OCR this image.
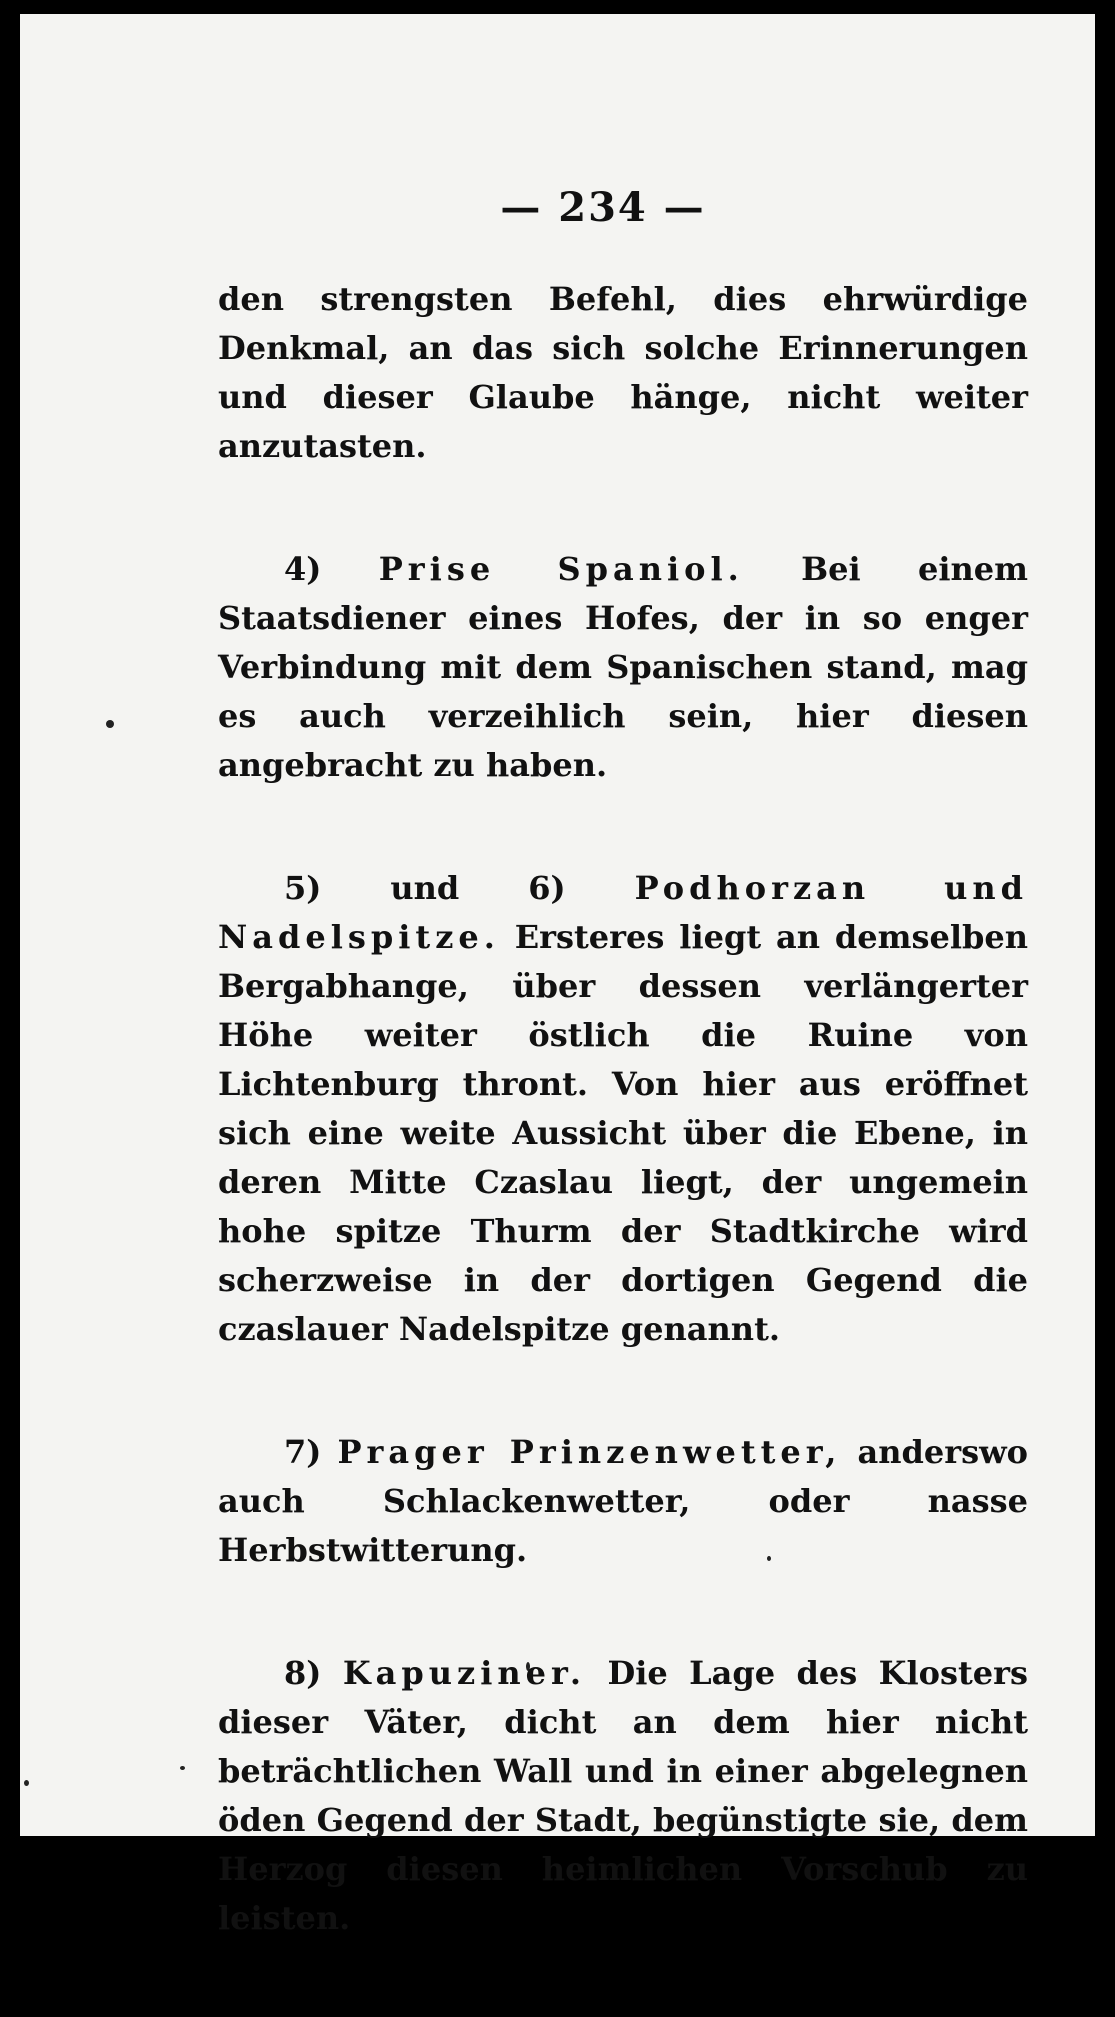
— 234 —

den strengsten Befehl, dies ehrwürdige Denkmal, an das sich solche Erinnerungen und dieser Glaube hänge, nicht weiter anzutasten.

4) Prise Spaniol. Bei einem Staatsdiener eines Hofes, der in so enger Verbindung mit dem Spanischen stand, mag es auch verzeihlich sein, hier diesen angebracht zu haben.

5) und 6) Podhorzan und Nadelspitze. Ersteres liegt an demselben Bergabhange, über dessen verlängerter Höhe weiter östlich die Ruine von Lichtenburg thront. Von hier aus eröffnet sich eine weite Aussicht über die Ebene, in deren Mitte Czaslau liegt, der ungemein hohe spitze Thurm der Stadtkirche wird scherzweise in der dortigen Gegend die czaslauer Nadelspitze genannt.

7) Prager Prinzenwetter, anderswo auch Schlackenwetter, oder nasse Herbstwitterung.

8) Kapuziner. Die Lage des Klosters dieser Väter, dicht an dem hier nicht beträchtlichen Wall und in einer abgelegnen öden Gegend der Stadt, begünstigte sie, dem Herzog diesen heimlichen Vorschub zu leisten.
